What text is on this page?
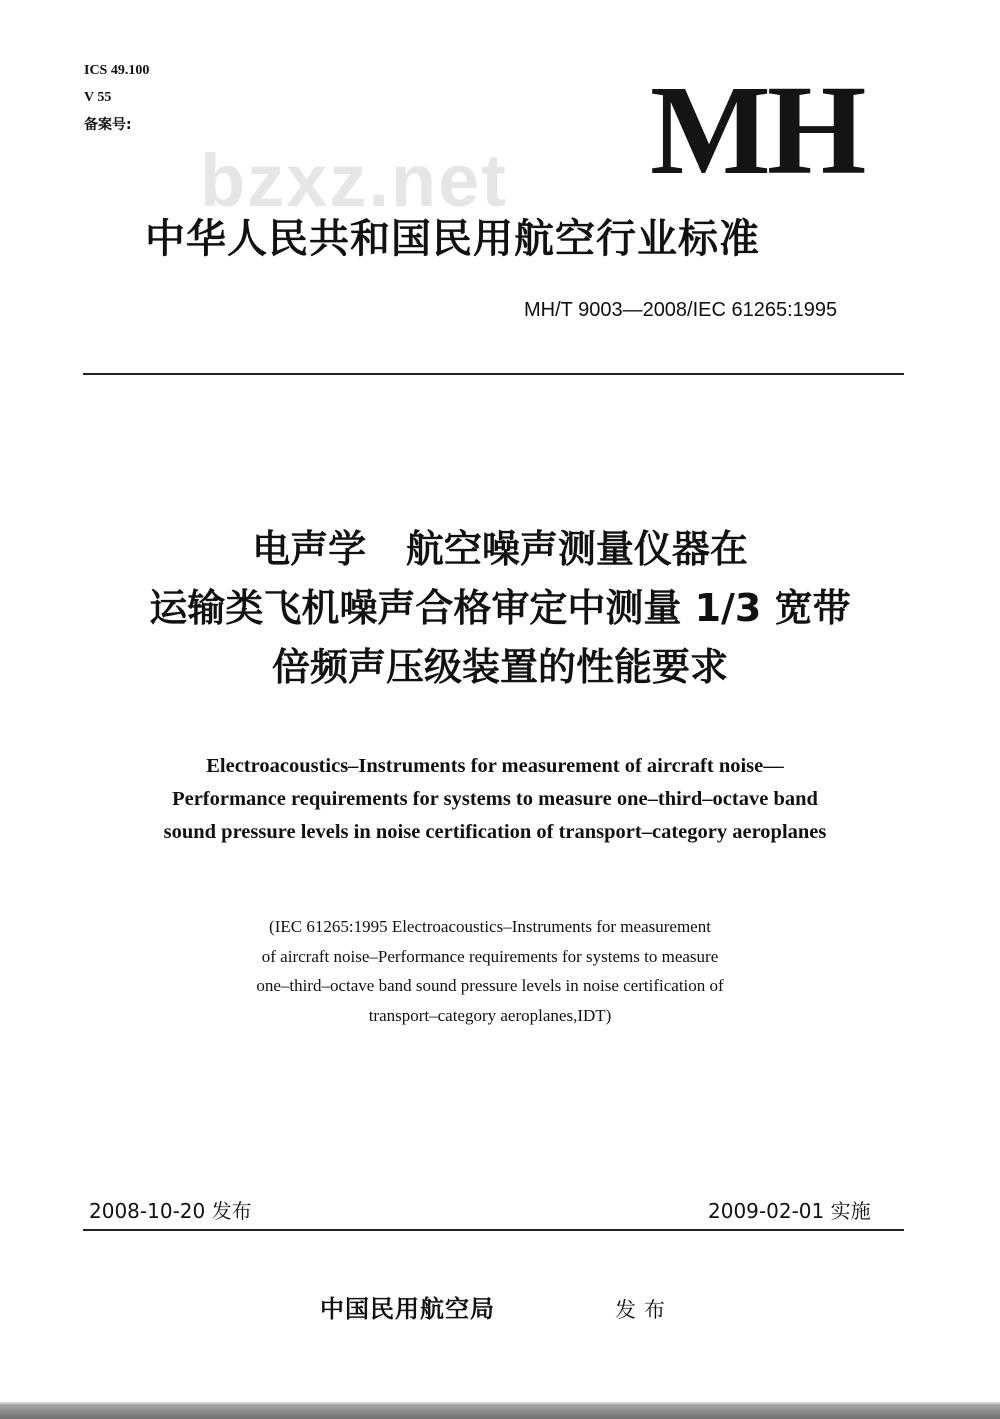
ICS 49.100
V 55
备案号:
bzxz.net MH
中华人民共和国民用航空行业标准
MH/T 9003—2008/IEC 61265:1995
电声学   航空噪声测量仪器在
运输类飞机噪声合格审定中测量 1/3 宽带
倍频声压级装置的性能要求
Electroacoustics–Instruments for measurement of aircraft noise—
Performance requirements for systems to measure one–third–octave band
sound pressure levels in noise certification of transport–category aeroplanes
(IEC 61265:1995 Electroacoustics–Instruments for measurement
of aircraft noise–Performance requirements for systems to measure
one–third–octave band sound pressure levels in noise certification of
transport–category aeroplanes,IDT)
2008-10-20 发布	2009-02-01 实施
中国民用航空局	发布
